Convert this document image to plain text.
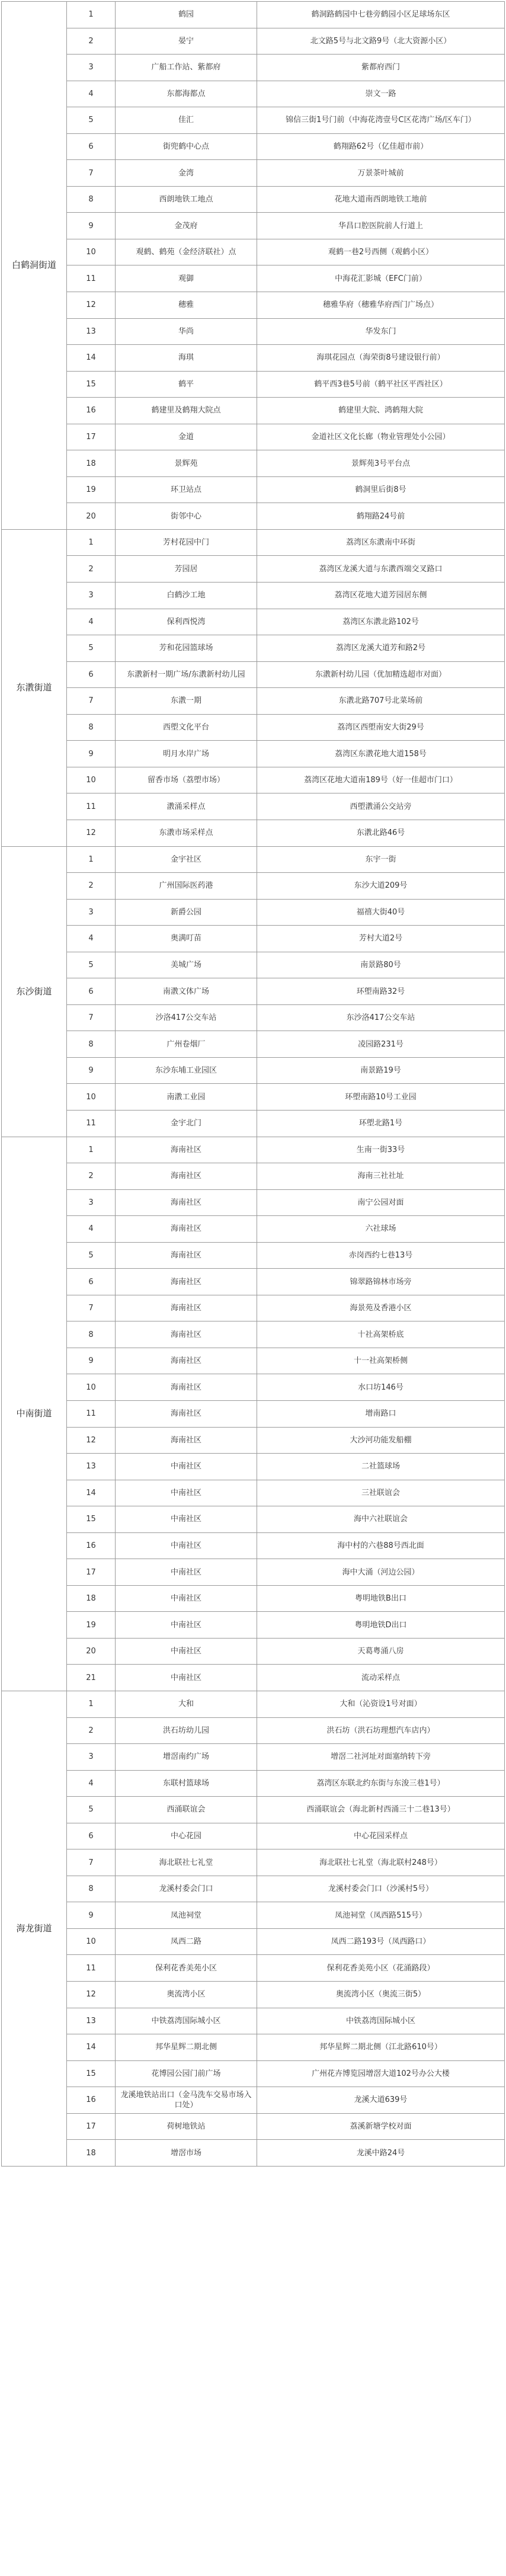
白鹤洞街道	1	鹤园	鹤洞路鹤园中七巷旁鹤园小区足球场东区
	2	晏宁	北文路5号与北文路9号（北大资源小区）
	3	广船工作站、紫都府	紫都府西门
	4	东都海都点	崇文一路
	5	佳汇	锦信三街1号门前（中海花湾壹号C区花湾广场/区车门）
	6	街兜鹤中心点	鹤翔路62号（亿佳超市前）
	7	金湾	万景茶叶城前
	8	西朗地铁工地点	花地大道南西朗地铁工地前
	9	金茂府	华昌口腔医院前人行道上
	10	观鹤、鹤苑（金经济联社）点	观鹤一巷2号西侧（观鹤小区）
	11	观御	中海花汇影城（EFC门前）
	12	穗雅	穗雅华府（穗雅华府西门广场点）
	13	华尚	华发东门
	14	海琪	海琪花园点（海荣街8号建设银行前）
	15	鹤平	鹤平西3巷5号前（鹤平社区平西社区）
	16	鹤建里及鹤翔大院点	鹤建里大院、鸿鹤翔大院
	17	金道	金道社区文化长廊（物业管理处小公园）
	18	景辉苑	景辉苑3号平台点
	19	环卫站点	鹤洞里后街8号
	20	街邻中心	鹤翔路24号前
东漖街道	1	芳村花园中门	荔湾区东漖南中环街
	2	芳园居	荔湾区龙溪大道与东漖西端交叉路口
	3	白鹤沙工地	荔湾区花地大道芳园居东侧
	4	保利西悦湾	荔湾区东漖北路102号
	5	芳和花园篮球场	荔湾区龙溪大道芳和路2号
	6	东漖新村一期广场/东漖新村幼儿园	东漖新村幼儿园（优加精选超市对面）
	7	东漖一期	东漖北路707号北菜场前
	8	西塱文化平台	荔湾区西塱南安大街29号
	9	明月水岸广场	荔湾区东漖花地大道158号
	10	留香市场（荔塱市场）	荔湾区花地大道南189号（好一佳超市门口）
	11	漖涌采样点	西塱漖涌公交站旁
	12	东漖市场采样点	东漖北路46号
东沙街道	1	金宇社区	东宇一街
	2	广州国际医药港	东沙大道209号
	3	新爵公园	福禧大街40号
	4	奥满叮苗	芳村大道2号
	5	美城广场	南景路80号
	6	南漖文体广场	环塱南路32号
	7	沙洛417公交车站	东沙洛417公交车站
	8	广州卷烟厂	凌园路231号
	9	东沙东埔工业园区	南景路19号
	10	南漖工业园	环塱南路10号工业园
	11	金宇北门	环塱北路1号
中南街道	1	海南社区	生南一街33号
	2	海南社区	海南三社社址
	3	海南社区	南宁公园对面
	4	海南社区	六社球场
	5	海南社区	赤岗西约七巷13号
	6	海南社区	锦翠路锦林市场旁
	7	海南社区	海景苑及香港小区
	8	海南社区	十社高架桥底
	9	海南社区	十一社高架桥侧
	10	海南社区	水口坊146号
	11	海南社区	增南路口
	12	海南社区	大沙河功能发船棚
	13	中南社区	二社篮球场
	14	中南社区	三社联谊会
	15	中南社区	海中六社联谊会
	16	中南社区	海中村的六巷88号西北面
	17	中南社区	海中大涌（河边公园）
	18	中南社区	粤明地铁B出口
	19	中南社区	粤明地铁D出口
	20	中南社区	天葛粤涌八房
	21	中南社区	流动采样点
海龙街道	1	大和	大和（沁资设1号对面）
	2	洪石坊幼儿园	洪石坊（洪石坊理想汽车店内）
	3	增滘南约广场	增滘二社河址对面塞纳转下旁
	4	东联村篮球场	荔湾区东联北约东街与东浚三巷1号）
	5	西涌联谊会	西涌联谊会（海北新村西涌三十二巷13号）
	6	中心花园	中心花园采样点
	7	海北联社七礼堂	海北联社七礼堂（海北联村248号）
	8	龙溪村委会门口	龙溪村委会门口（沙溪村5号）
	9	凤池祠堂	凤池祠堂（凤西路515号）
	10	凤西二路	凤西二路193号（凤西路口）
	11	保利花香美苑小区	保利花香美苑小区（花涌路段）
	12	奥流湾小区	奥流湾小区（奥流三街5）
	13	中铁荔湾国际城小区	中铁荔湾国际城小区
	14	邦华星辉二期北侧	邦华星辉二期北侧（江北路610号）
	15	花博园公园门前广场	广州花卉博览园增滘大道102号办公大楼
	16	龙溪地铁站出口（金马洗车交易市场入口处）	龙溪大道639号
	17	荷树地铁站	荔溪新塘学校对面
	18	增滘市场	龙溪中路24号
